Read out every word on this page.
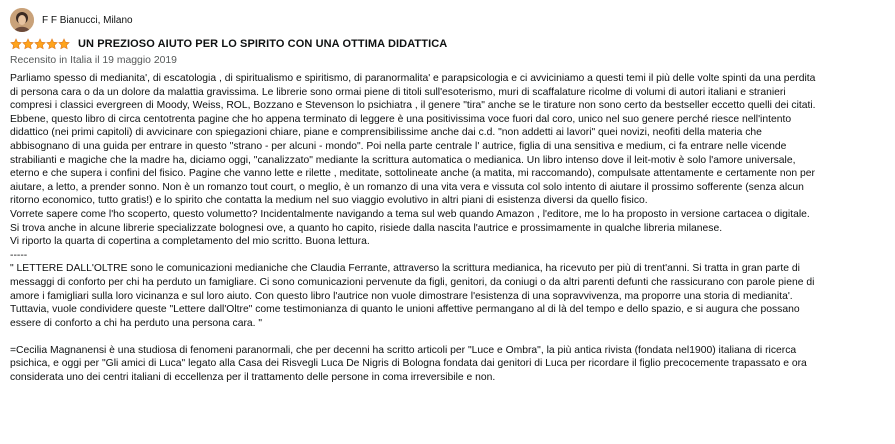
F F Bianucci, Milano
UN PREZIOSO AIUTO PER LO SPIRITO CON UNA OTTIMA DIDATTICA
Recensito in Italia il 19 maggio 2019
Parliamo spesso di medianita', di escatologia , di spiritualismo e spiritismo, di paranormalita' e parapsicologia e ci avviciniamo a questi temi il più delle volte spinti da una perdita
di persona cara o da un dolore da malattia gravissima. Le librerie sono ormai piene di titoli sull'esoterismo, muri di scaffalature ricolme di volumi di autori italiani e stranieri
compresi i classici evergreen di Moody, Weiss, ROL, Bozzano e Stevenson lo psichiatra , il genere "tira" anche se le tirature non sono certo da bestseller eccetto quelli dei citati.
Ebbene, questo libro di circa centotrenta pagine che ho appena terminato di leggere è una positivissima voce fuori dal coro, unico nel suo genere perché riesce nell'intento
didattico (nei primi capitoli) di avvicinare con spiegazioni chiare, piane e comprensibilissime anche dai c.d. "non addetti ai lavori" quei novizi, neofiti della materia che
abbisognano di una guida per entrare in questo "strano - per alcuni - mondo". Poi nella parte centrale l' autrice, figlia di una sensitiva e medium, ci fa entrare nelle vicende
strabilianti e magiche che la madre ha, diciamo oggi, "canalizzato" mediante la scrittura automatica o medianica. Un libro intenso dove il leit-motiv è solo l'amore universale,
eterno e che supera i confini del fisico. Pagine che vanno lette e rilette , meditate, sottolineate anche (a matita, mi raccomando), compulsate attentamente e certamente non per
aiutare, a letto, a prender sonno. Non è un romanzo tout court, o meglio, è un romanzo di una vita vera e vissuta col solo intento di aiutare il prossimo sofferente (senza alcun
ritorno economico, tutto gratis!) e lo spirito che contatta la medium nel suo viaggio evolutivo in altri piani di esistenza diversi da quello fisico.
Vorrete sapere come l'ho scoperto, questo volumetto? Incidentalmente navigando a tema sul web quando Amazon , l'editore, me lo ha proposto in versione cartacea o digitale.
Si trova anche in alcune librerie specializzate bolognesi ove, a quanto ho capito, risiede dalla nascita l'autrice e prossimamente in qualche libreria milanese.
Vi riporto la quarta di copertina a completamento del mio scritto. Buona lettura.
-----
" LETTERE DALL'OLTRE sono le comunicazioni medianiche che Claudia Ferrante, attraverso la scrittura medianica, ha ricevuto per più di trent'anni. Si tratta in gran parte di
messaggi di conforto per chi ha perduto un famigliare. Ci sono comunicazioni pervenute da figli, genitori, da coniugi o da altri parenti defunti che rassicurano con parole piene di
amore i famigliari sulla loro vicinanza e sul loro aiuto. Con questo libro l'autrice non vuole dimostrare l'esistenza di una sopravvivenza, ma proporre una storia di medianita'.
Tuttavia, vuole condividere queste "Lettere dall'Oltre" come testimonianza di quanto le unioni affettive permangano al di là del tempo e dello spazio, e si augura che possano
essere di conforto a chi ha perduto una persona cara. "
=Cecilia Magnanensi è una studiosa di fenomeni paranormali, che per decenni ha scritto articoli per "Luce e Ombra", la più antica rivista (fondata nel1900) italiana di ricerca
psichica, e oggi per "Gli amici di Luca" legato alla Casa dei Risvegli Luca De Nigris di Bologna fondata dai genitori di Luca per ricordare il figlio precocemente trapassato e ora
considerata uno dei centri italiani di eccellenza per il trattamento delle persone in coma irreversibile e non.
